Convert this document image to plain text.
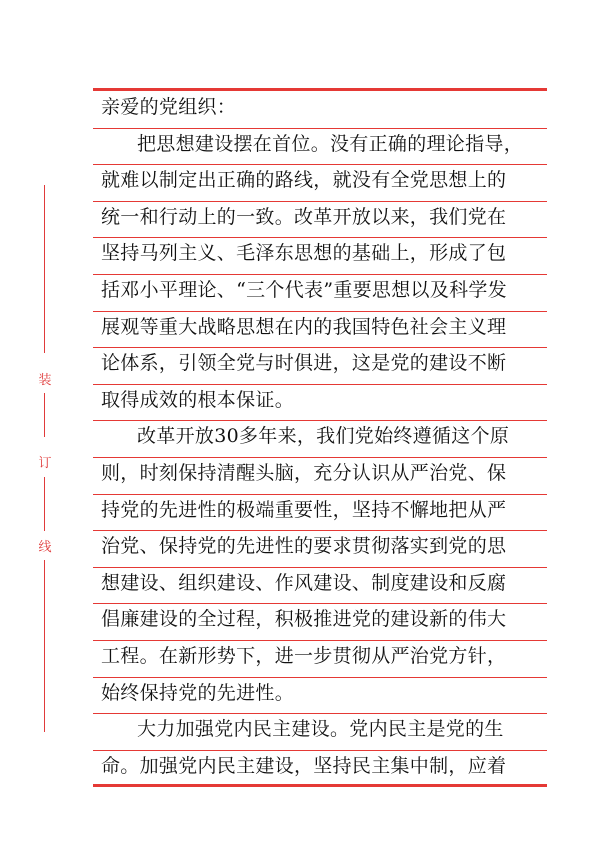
装
订
线
亲爱的党组织：
把思想建设摆在首位。没有正确的理论指导，
就难以制定出正确的路线，就没有全党思想上的
统一和行动上的一致。改革开放以来，我们党在
坚持马列主义、毛泽东思想的基础上，形成了包
括邓小平理论、“三个代表”重要思想以及科学发
展观等重大战略思想在内的我国特色社会主义理
论体系，引领全党与时俱进，这是党的建设不断
取得成效的根本保证。
改革开放30多年来，我们党始终遵循这个原
则，时刻保持清醒头脑，充分认识从严治党、保
持党的先进性的极端重要性，坚持不懈地把从严
治党、保持党的先进性的要求贯彻落实到党的思
想建设、组织建设、作风建设、制度建设和反腐
倡廉建设的全过程，积极推进党的建设新的伟大
工程。在新形势下，进一步贯彻从严治党方针，
始终保持党的先进性。
大力加强党内民主建设。党内民主是党的生
命。加强党内民主建设，坚持民主集中制，应着
